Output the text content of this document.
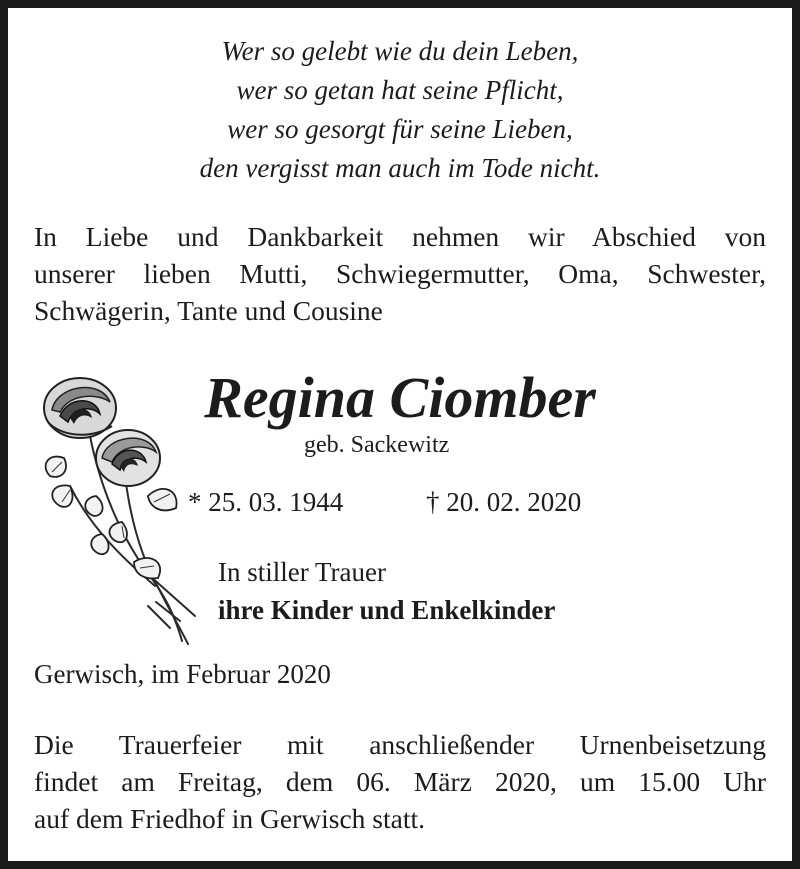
Wer so gelebt wie du dein Leben,
wer so getan hat seine Pflicht,
wer so gesorgt für seine Lieben,
den vergisst man auch im Tode nicht.
In Liebe und Dankbarkeit nehmen wir Abschied von
unserer lieben Mutti, Schwiegermutter, Oma, Schwester,
Schwägerin, Tante und Cousine
Regina Ciomber
geb. Sackewitz
* 25. 03. 1944	† 20. 02. 2020
In stiller Trauer
ihre Kinder und Enkelkinder
Gerwisch, im Februar 2020
Die Trauerfeier mit anschließender Urnenbeisetzung
findet am Freitag, dem 06. März 2020, um 15.00 Uhr
auf dem Friedhof in Gerwisch statt.
